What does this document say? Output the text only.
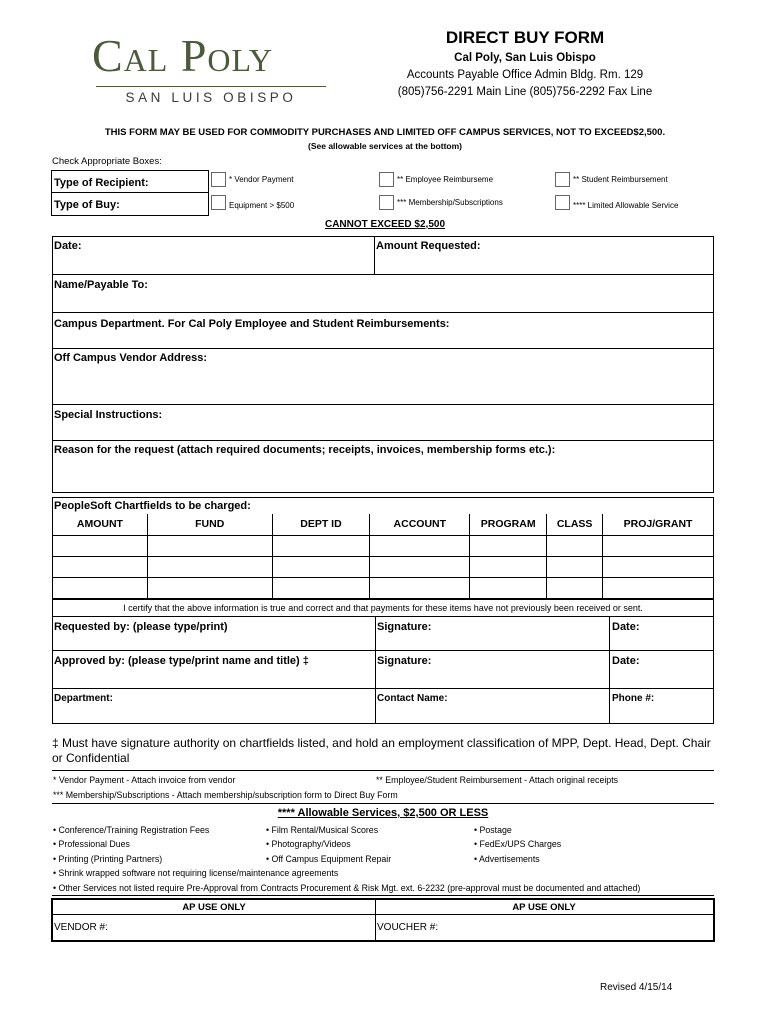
Cal Poly
SAN LUIS OBISPO
DIRECT BUY FORM
Cal Poly, San Luis Obispo
Accounts Payable Office Admin Bldg. Rm. 129
(805)756-2291 Main Line (805)756-2292 Fax Line
THIS FORM MAY BE USED FOR COMMODITY PURCHASES AND LIMITED OFF CAMPUS SERVICES, NOT TO EXCEED$2,500.
(See allowable services at the bottom)
Check Appropriate Boxes:
Type of Recipient:	* Vendor Payment	** Employee Reimburseme	** Student Reimbursement
Type of Buy:	Equipment > $500	*** Membership/Subscriptions	**** Limited Allowable Service
CANNOT EXCEED $2,500
Date:	Amount Requested:
Name/Payable To:
Campus Department. For Cal Poly Employee and Student Reimbursements:
Off Campus Vendor Address:
Special Instructions:
Reason for the request (attach required documents; receipts, invoices, membership forms etc.):
PeopleSoft Chartfields to be charged:
AMOUNT	FUND	DEPT ID	ACCOUNT	PROGRAM	CLASS	PROJ/GRANT

I certify that the above information is true and correct and that payments for these items have not previously been received or sent.
Requested by: (please type/print)	Signature:	Date:
Approved by: (please type/print name and title) ‡	Signature:	Date:
Department:	Contact Name:	Phone #:
‡ Must have signature authority on chartfields listed, and hold an employment classification of MPP, Dept. Head, Dept. Chair or Confidential
* Vendor Payment - Attach invoice from vendor	** Employee/Student Reimbursement - Attach original receipts
*** Membership/Subscriptions - Attach membership/subscription form to Direct Buy Form
**** Allowable Services, $2,500 OR LESS
• Conference/Training Registration Fees
• Professional Dues
• Printing (Printing Partners)
• Film Rental/Musical Scores
• Photography/Videos
• Off Campus Equipment Repair
• Postage
• FedEx/UPS Charges
• Advertisements
• Shrink wrapped software not requiring license/maintenance agreements
• Other Services not listed require Pre-Approval from Contracts Procurement & Risk Mgt. ext. 6-2232 (pre-approval must be documented and attached)
AP USE ONLY	AP USE ONLY
VENDOR #:	VOUCHER #:
Revised 4/15/14
